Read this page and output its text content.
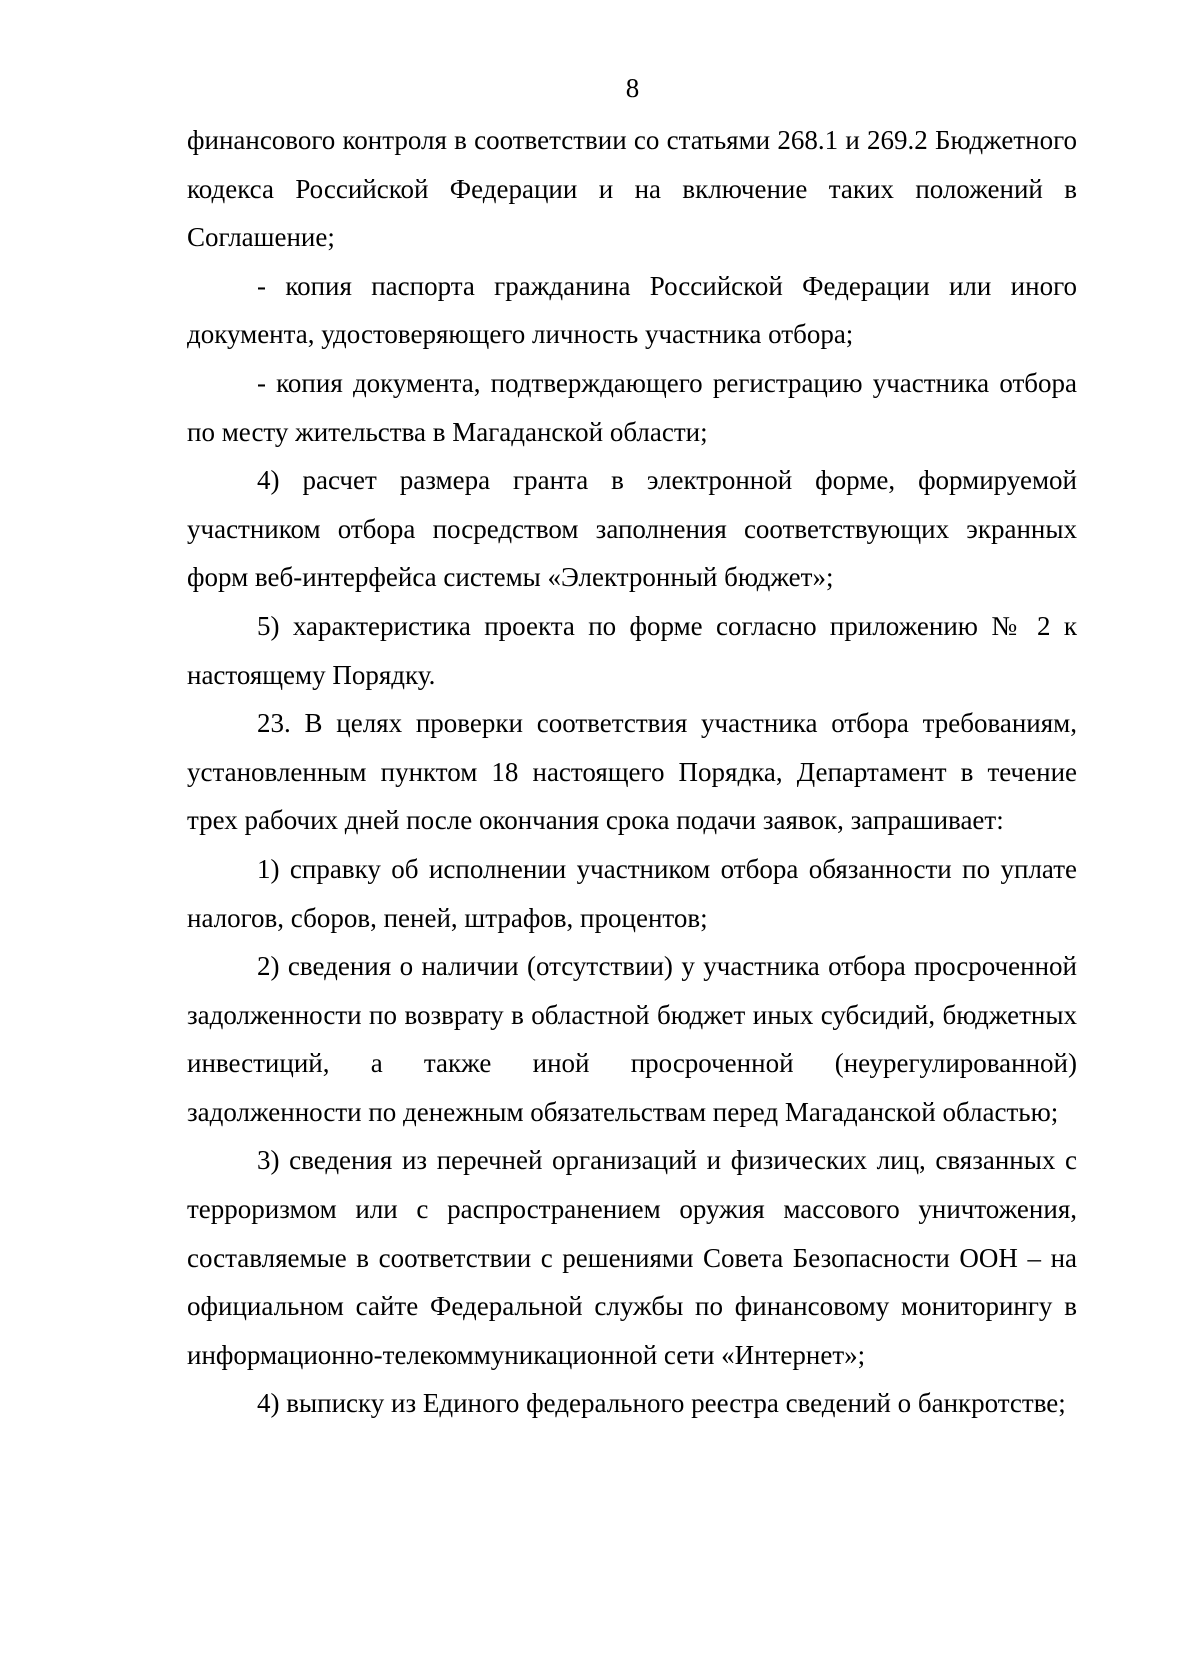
8

финансового контроля в соответствии со статьями 268.1 и 269.2 Бюджетного кодекса Российской Федерации и на включение таких положений в Соглашение;

- копия паспорта гражданина Российской Федерации или иного документа, удостоверяющего личность участника отбора;

- копия документа, подтверждающего регистрацию участника отбора по месту жительства в Магаданской области;

4) расчет размера гранта в электронной форме, формируемой участником отбора посредством заполнения соответствующих экранных форм веб-интерфейса системы «Электронный бюджет»;

5) характеристика проекта по форме согласно приложению № 2 к настоящему Порядку.

23. В целях проверки соответствия участника отбора требованиям, установленным пунктом 18 настоящего Порядка, Департамент в течение трех рабочих дней после окончания срока подачи заявок, запрашивает:

1) справку об исполнении участником отбора обязанности по уплате налогов, сборов, пеней, штрафов, процентов;

2) сведения о наличии (отсутствии) у участника отбора просроченной задолженности по возврату в областной бюджет иных субсидий, бюджетных инвестиций, а также иной просроченной (неурегулированной) задолженности по денежным обязательствам перед Магаданской областью;

3) сведения из перечней организаций и физических лиц, связанных с терроризмом или с распространением оружия массового уничтожения, составляемые в соответствии с решениями Совета Безопасности ООН – на официальном сайте Федеральной службы по финансовому мониторингу в информационно-телекоммуникационной сети «Интернет»;

4) выписку из Единого федерального реестра сведений о банкротстве;
